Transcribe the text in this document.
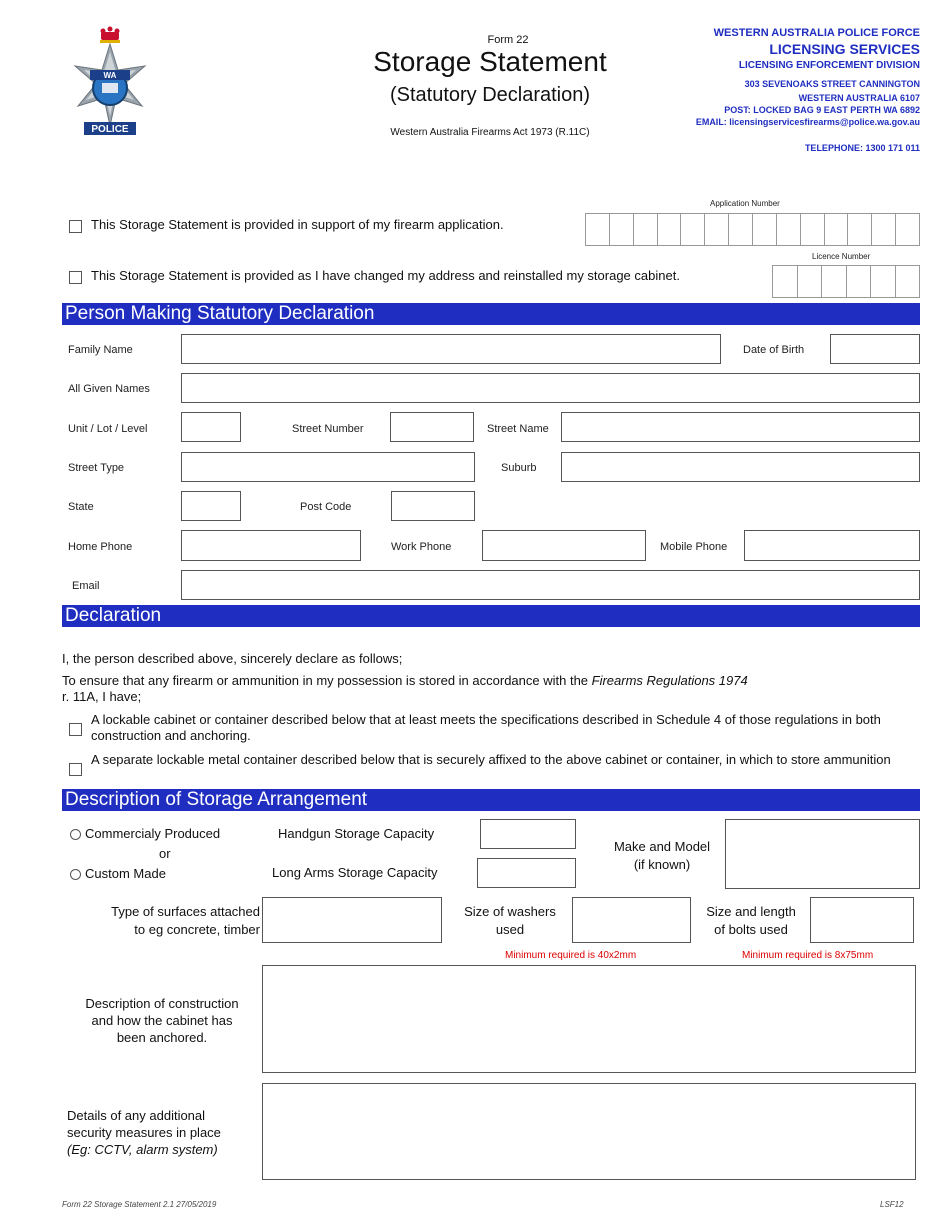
WA
POLICE
Form 22
Storage Statement
(Statutory Declaration)
Western Australia Firearms Act 1973 (R.11C)
WESTERN AUSTRALIA POLICE FORCE
LICENSING SERVICES
LICENSING ENFORCEMENT DIVISION
303 SEVENOAKS STREET CANNINGTON
WESTERN AUSTRALIA 6107
POST: LOCKED BAG 9 EAST PERTH WA 6892
EMAIL: licensingservicesfirearms@police.wa.gov.au
TELEPHONE: 1300 171 011
Application Number
This Storage Statement is provided in support of my firearm application.
Licence Number
This Storage Statement is provided as I have changed my address and reinstalled my storage cabinet.
Person Making Statutory Declaration
Family Name	Date of Birth
All Given Names
Unit / Lot / Level	Street Number	Street Name
Street Type	Suburb
State	Post Code
Home Phone	Work Phone	Mobile Phone
Email
Declaration
I, the person described above, sincerely declare as follows;
To ensure that any firearm or ammunition in my possession is stored in accordance with the Firearms Regulations 1974
r. 11A, I have;
A lockable cabinet or container described below that at least meets the specifications described in Schedule 4 of those regulations in both construction and anchoring.
A separate lockable metal container described below that is securely affixed to the above cabinet or container, in which to store ammunition
Description of Storage Arrangement
Commercialy Produced
or
Custom Made
Handgun Storage Capacity
Long Arms Storage Capacity
Make and Model
(if known)
Type of surfaces attached
to eg concrete, timber
Size of washers
used
Size and length
of bolts used
Minimum required is 40x2mm	Minimum required is 8x75mm
Description of construction
and how the cabinet has
been anchored.
Details of any additional
security measures in place
(Eg: CCTV, alarm system)
Form 22 Storage Statement 2.1 27/05/2019	LSF12
